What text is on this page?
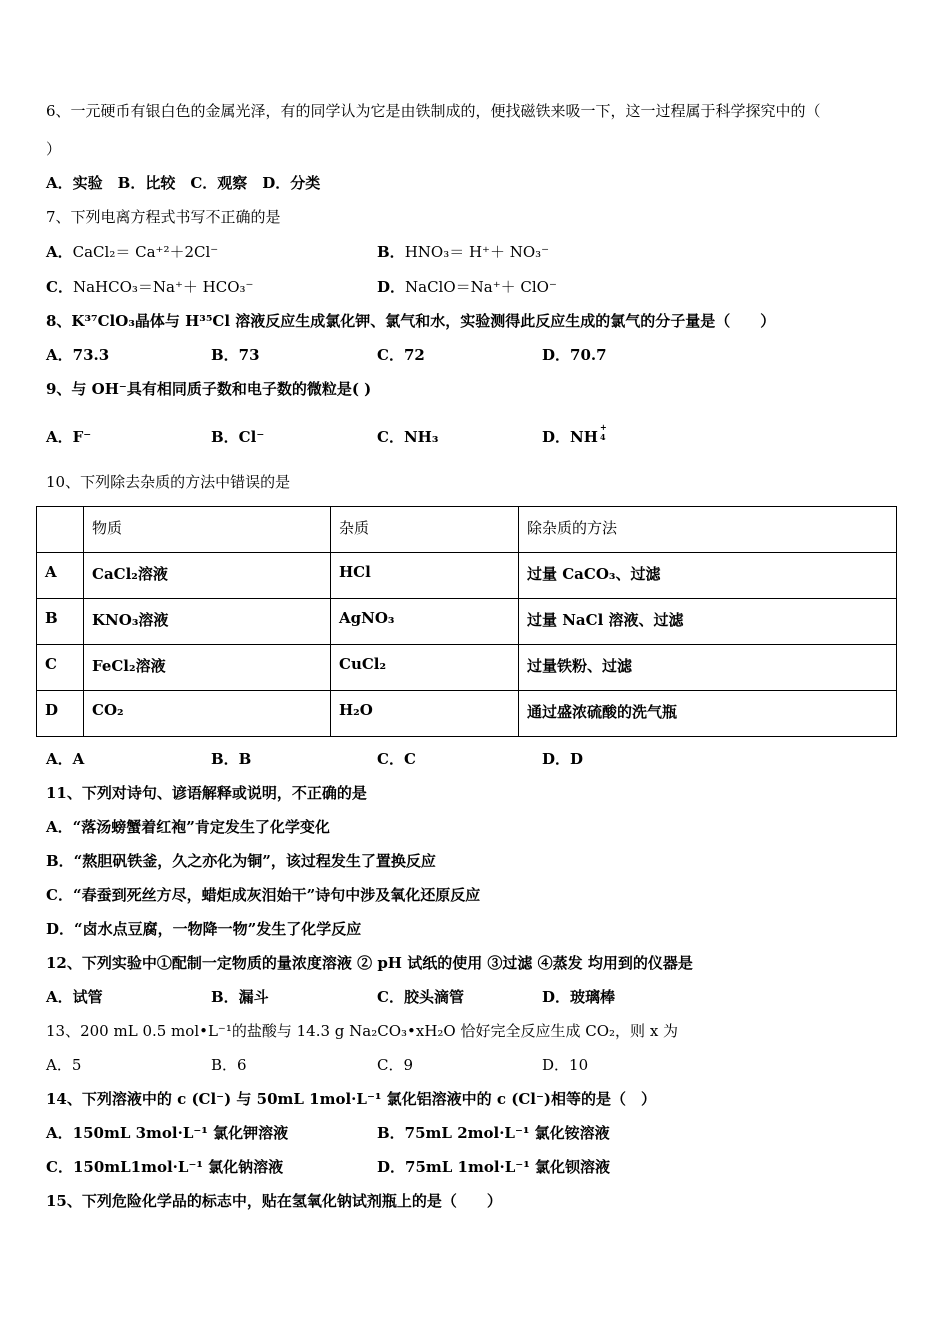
6、一元硬币有银白色的金属光泽，有的同学认为它是由铁制成的，便找磁铁来吸一下，这一过程属于科学探究中的（
）
A．实验　B．比较　C．观察　D．分类
7、下列电离方程式书写不正确的是
A．CaCl₂＝ Ca⁺²＋2Cl⁻	B．HNO₃＝ H⁺＋ NO₃⁻
C．NaHCO₃＝Na⁺＋ HCO₃⁻	D．NaClO＝Na⁺＋ ClO⁻
8、K³⁷ClO₃晶体与 H³⁵Cl 溶液反应生成氯化钾、氯气和水，实验测得此反应生成的氯气的分子量是（　　）
A．73.3	B．73	C．72	D．70.7
9、与 OH⁻具有相同质子数和电子数的微粒是( )
A．F⁻	B．Cl⁻	C．NH₃	D．NH
+
4
10、下列除去杂质的方法中错误的是
	物质	杂质	除杂质的方法
A	CaCl₂溶液	HCl	过量 CaCO₃、过滤
B	KNO₃溶液	AgNO₃	过量 NaCl 溶液、过滤
C	FeCl₂溶液	CuCl₂	过量铁粉、过滤
D	CO₂	H₂O	通过盛浓硫酸的洗气瓶
A．A	B．B	C．C	D．D
11、下列对诗句、谚语解释或说明，不正确的是
A．“落汤螃蟹着红袍”肯定发生了化学变化
B．“熬胆矾铁釜，久之亦化为铜”，该过程发生了置换反应
C．“春蚕到死丝方尽，蜡炬成灰泪始干”诗句中涉及氧化还原反应
D．“卤水点豆腐，一物降一物”发生了化学反应
12、下列实验中①配制一定物质的量浓度溶液 ② pH 试纸的使用 ③过滤 ④蒸发 均用到的仪器是
A．试管	B．漏斗	C．胶头滴管	D．玻璃棒
13、200 mL 0.5 mol•L⁻¹的盐酸与 14.3 g Na₂CO₃•xH₂O 恰好完全反应生成 CO₂，则 x 为
A．5	B．6	C．9	D．10
14、下列溶液中的 c (Cl⁻) 与 50mL 1mol·L⁻¹ 氯化铝溶液中的 c (Cl⁻)相等的是（　）
A．150mL 3mol·L⁻¹ 氯化钾溶液	B．75mL 2mol·L⁻¹ 氯化铵溶液
C．150mL1mol·L⁻¹ 氯化钠溶液	D．75mL 1mol·L⁻¹ 氯化钡溶液
15、下列危险化学品的标志中，贴在氢氧化钠试剂瓶上的是（　　）
